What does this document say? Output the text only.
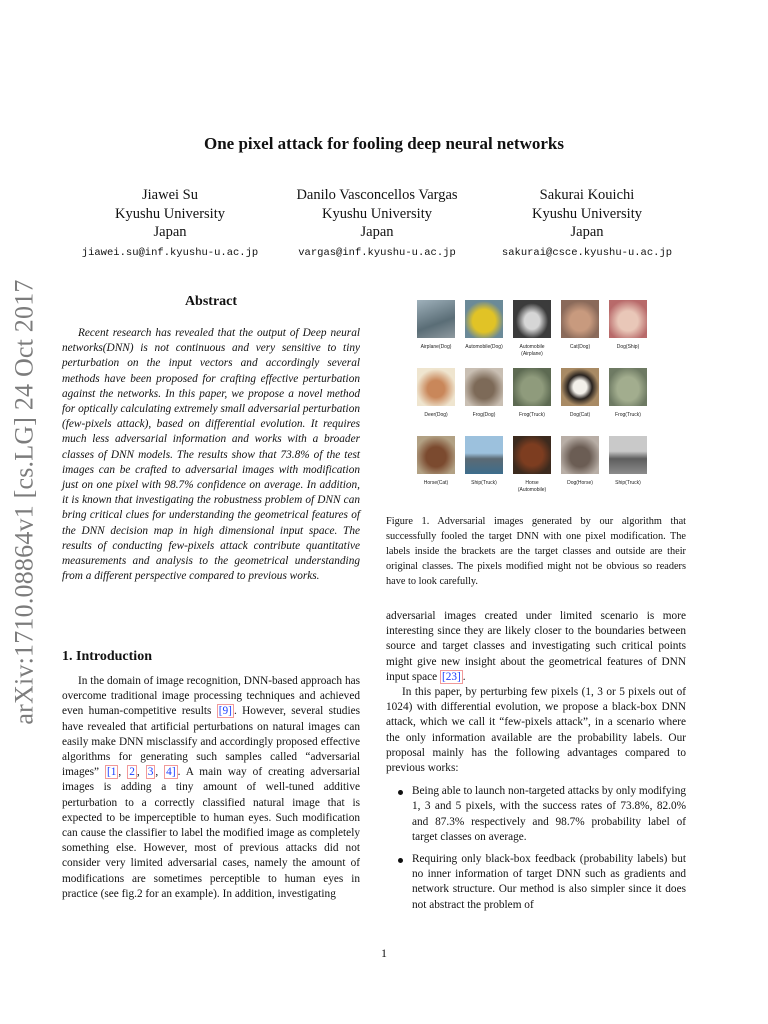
arXiv:1710.08864v1 [cs.LG] 24 Oct 2017
One pixel attack for fooling deep neural networks
Jiawei Su
Kyushu University
Japan
jiawei.su@inf.kyushu-u.ac.jp
Danilo Vasconcellos Vargas
Kyushu University
Japan
vargas@inf.kyushu-u.ac.jp
Sakurai Kouichi
Kyushu University
Japan
sakurai@csce.kyushu-u.ac.jp
Abstract

Recent research has revealed that the output of Deep neural networks(DNN) is not continuous and very sensitive to tiny perturbation on the input vectors and accordingly several methods have been proposed for crafting effective perturbation against the networks. In this paper, we propose a novel method for optically calculating extremely small adversarial perturbation (few-pixels attack), based on differential evolution. It requires much less adversarial information and works with a broader classes of DNN models. The results show that 73.8% of the test images can be crafted to adversarial images with modification just on one pixel with 98.7% confidence on average. In addition, it is known that investigating the robustness problem of DNN can bring critical clues for understanding the geometrical features of the DNN decision map in high dimensional input space. The results of conducting few-pixels attack contribute quantitative measurements and analysis to the geometrical understanding from a different perspective compared to previous works.

1. Introduction

In the domain of image recognition, DNN-based approach has overcome traditional image processing techniques and achieved even human-competitive results [9] . However, several studies have revealed that artificial perturbations on natural images can easily make DNN misclassify and accordingly proposed effective algorithms for generating such samples called “adversarial images” [1 , 2 , 3 , 4] . A main way of creating adversarial images is adding a tiny amount of well-tuned additive perturbation to a correctly classified natural image that is expected to be imperceptible to human eyes. Such modification can cause the classifier to label the modified image as completely something else. However, most of previous attacks did not consider very limited adversarial cases, namely the amount of modifications are sometimes perceptible to human eyes in practice (see fig.2 for an example). In addition, investigating

Airplane(Dog)	Automobile(Dog)	Automobile
(Airplane)
Cat(Dog)	Dog(Ship)
Deer(Dog)	Frog(Dog)	Frog(Truck)	Dog(Cat)	Frog(Truck)
Horse(Cat)	Ship(Truck)	Horse
(Automobile)
Dog(Horse)	Ship(Truck)
Figure 1. Adversarial images generated by our algorithm that successfully fooled the target DNN with one pixel modification. The labels inside the brackets are the target classes and outside are their original classes. The pixels modified might not be obvious so readers have to look carefully.

adversarial images created under limited scenario is more interesting since they are likely closer to the boundaries between source and target classes and investigating such critical points might give new insight about the geometrical features of DNN input space [23] .

In this paper, by perturbing few pixels (1, 3 or 5 pixels out of 1024) with differential evolution, we propose a black-box DNN attack, which we call it “few-pixels attack”, in a scenario where the only information available are the probability labels. Our proposal mainly has the following advantages compared to previous works:

Being able to launch non-targeted attacks by only modifying 1, 3 and 5 pixels, with the success rates of 73.8%, 82.0% and 87.3% respectively and 98.7% probability label of target classes on average.
Requiring only black-box feedback (probability labels) but no inner information of target DNN such as gradients and network structure. Our method is also simpler since it does not abstract the problem of
1
